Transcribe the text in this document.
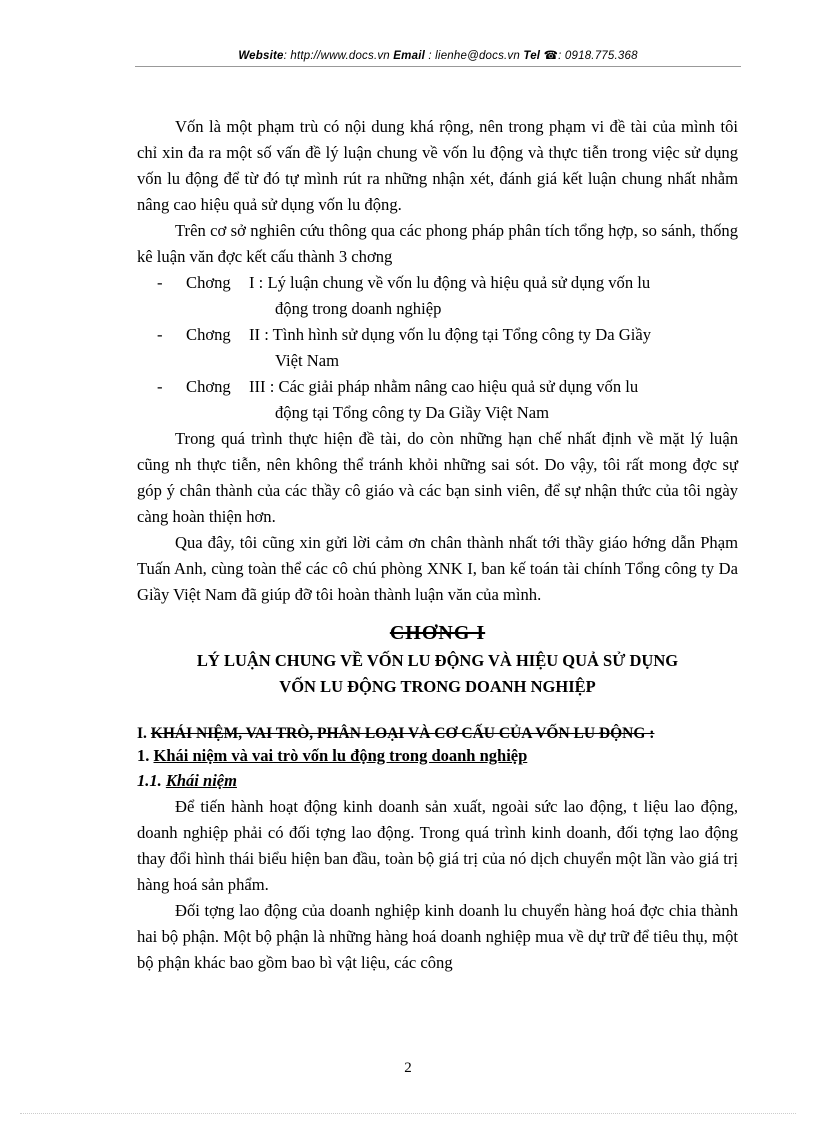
Website: http://www.docs.vn Email : lienhe@docs.vn Tel ☎: 0918.775.368

Vốn là một phạm trù có nội dung khá rộng, nên trong phạm vi đề tài của mình tôi chỉ xin đa ra một số vấn đề lý luận chung về vốn lu động và thực tiễn trong việc sử dụng vốn lu động để từ đó tự mình rút ra những nhận xét, đánh giá kết luận chung nhất nhằm nâng cao hiệu quả sử dụng vốn lu động.

Trên cơ sở nghiên cứu thông qua các phong pháp phân tích tổng hợp, so sánh, thống kê luận văn đợc kết cấu thành 3 chơng

- Chơng I : Lý luận chung về vốn lu động và hiệu quả sử dụng vốn lu
động trong doanh nghiệp
- Chơng II : Tình hình sử dụng vốn lu động tại Tổng công ty Da Giầy
Việt Nam
- Chơng III : Các giải pháp nhằm nâng cao hiệu quả sử dụng vốn lu
động tại Tổng công ty Da Giầy Việt Nam

Trong quá trình thực hiện đề tài, do còn những hạn chế nhất định về mặt lý luận cũng nh thực tiễn, nên không thể tránh khỏi những sai sót. Do vậy, tôi rất mong đợc sự góp ý chân thành của các thầy cô giáo và các bạn sinh viên, để sự nhận thức của tôi ngày càng hoàn thiện hơn.

Qua đây, tôi cũng xin gửi lời cảm ơn chân thành nhất tới thầy giáo hớng dẫn Phạm Tuấn Anh, cùng toàn thể các cô chú phòng XNK I, ban kế toán tài chính Tổng công ty Da Giầy Việt Nam đã giúp đỡ tôi hoàn thành luận văn của mình.

CHƠNG I

LÝ LUẬN CHUNG VỀ VỐN LU ĐỘNG VÀ HIỆU QUẢ SỬ DỤNG

VỐN LU ĐỘNG TRONG DOANH NGHIỆP

I. KHÁI NIỆM, VAI TRÒ, PHÂN LOẠI VÀ CƠ CẤU CỦA VỐN LU ĐỘNG :

1. Khái niệm và vai trò vốn lu động trong doanh nghiệp

1.1. Khái niệm

Để tiến hành hoạt động kinh doanh sản xuất, ngoài sức lao động, t liệu lao động, doanh nghiệp phải có đối tợng lao động. Trong quá trình kinh doanh, đối tợng lao động thay đổi hình thái biểu hiện ban đầu, toàn bộ giá trị của nó dịch chuyển một lần vào giá trị hàng hoá sản phẩm.

Đối tợng lao động của doanh nghiệp kinh doanh lu chuyển hàng hoá đợc chia thành hai bộ phận. Một bộ phận là những hàng hoá doanh nghiệp mua về dự trữ để tiêu thụ, một bộ phận khác bao gồm bao bì vật liệu, các công

2
